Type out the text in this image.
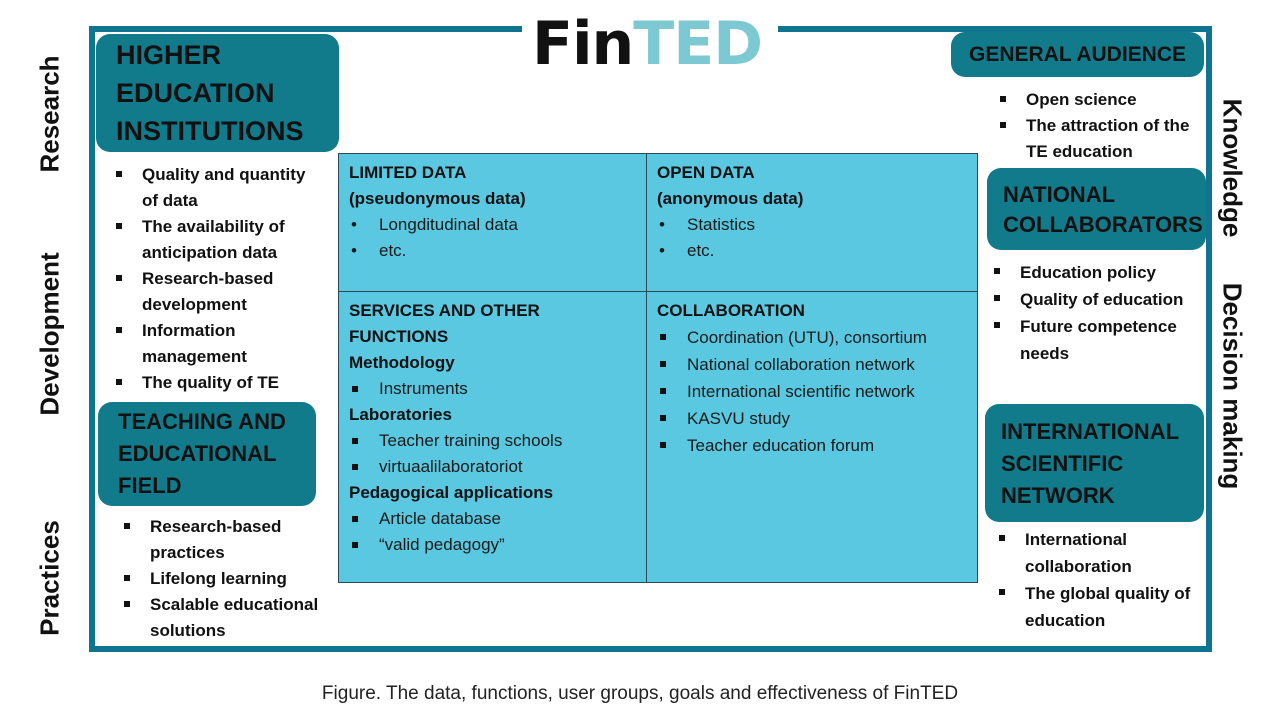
FinTED
Research
Development
Practices
Knowledge
Decision making
HIGHER
EDUCATION
INSTITUTIONS
Quality and quantity of data
The availability of anticipation data
Research-based development
Information management
The quality of TE
TEACHING AND
EDUCATIONAL
FIELD
Research-based practices
Lifelong learning
Scalable educational solutions
LIMITED DATA
(pseudonymous data)
• Longditudinal data
• etc.
OPEN DATA
(anonymous data)
• Statistics
• etc.
SERVICES AND OTHER
FUNCTIONS
Methodology
Instruments
Laboratories
Teacher training schools
virtuaalilaboratoriot
Pedagogical applications
Article database
“valid pedagogy”
COLLABORATION
Coordination (UTU), consortium
National collaboration network
International scientific network
KASVU study
Teacher education forum
GENERAL AUDIENCE
Open science
The attraction of the TE education
NATIONAL
COLLABORATORS
Education policy
Quality of education
Future competence needs
INTERNATIONAL
SCIENTIFIC
NETWORK
International collaboration
The global quality of education
Figure. The data, functions, user groups, goals and effectiveness of FinTED
